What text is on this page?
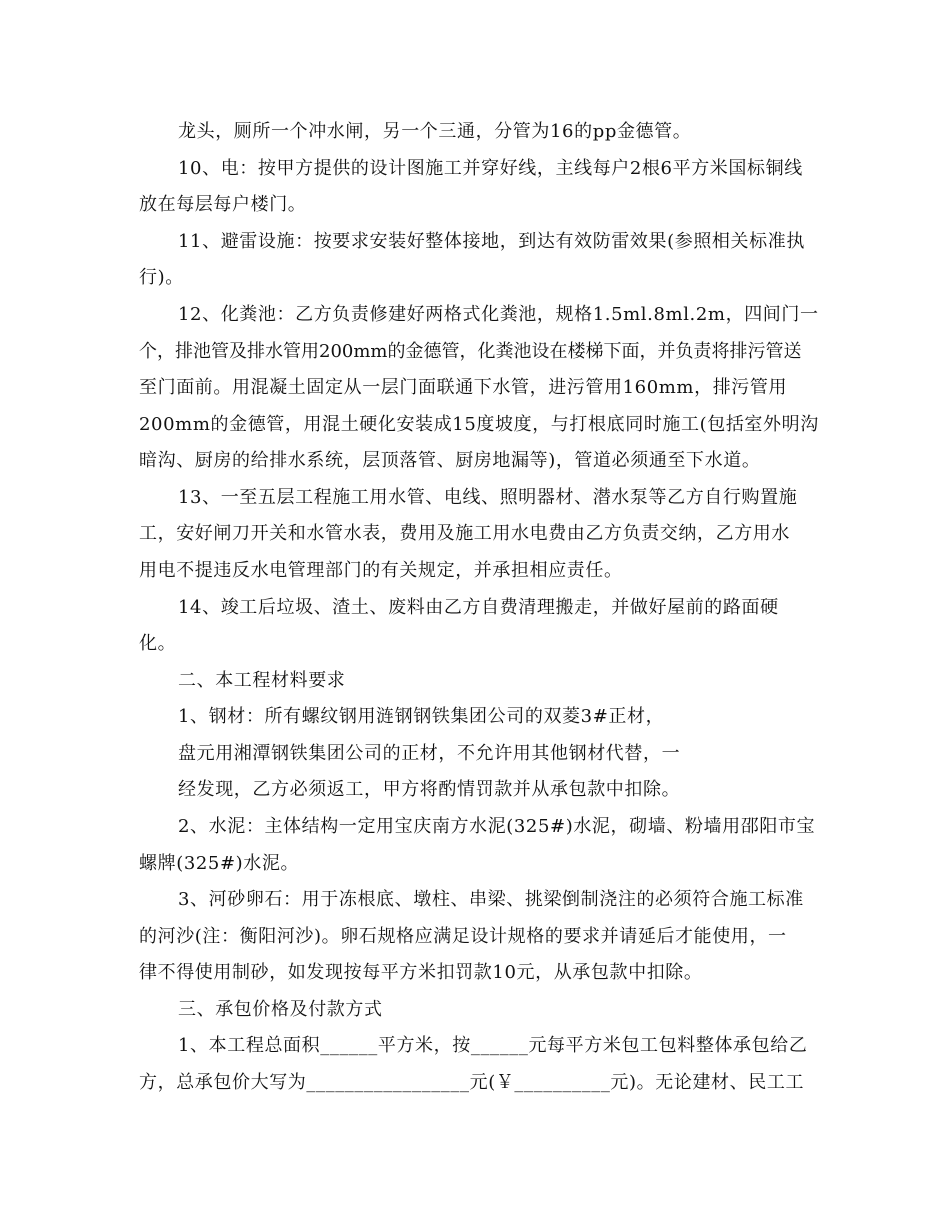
龙头，厕所一个冲水闸，另一个三通，分管为16的pp金德管。
10、电：按甲方提供的设计图施工并穿好线，主线每户2根6平方米国标铜线
放在每层每户楼门。
11、避雷设施：按要求安装好整体接地，到达有效防雷效果(参照相关标准执
行)。
12、化粪池：乙方负责修建好两格式化粪池，规格1.5ml.8ml.2m，四间门一
个，排池管及排水管用200mm的金德管，化粪池设在楼梯下面，并负责将排污管送
至门面前。用混凝土固定从一层门面联通下水管，进污管用160mm，排污管用
200mm的金德管，用混土硬化安装成15度坡度，与打根底同时施工(包括室外明沟
暗沟、厨房的给排水系统，层顶落管、厨房地漏等)，管道必须通至下水道。
13、一至五层工程施工用水管、电线、照明器材、潜水泵等乙方自行购置施
工，安好闸刀开关和水管水表，费用及施工用水电费由乙方负责交纳，乙方用水
用电不提违反水电管理部门的有关规定，并承担相应责任。
14、竣工后垃圾、渣土、废料由乙方自费清理搬走，并做好屋前的路面硬
化。
二、本工程材料要求
1、钢材：所有螺纹钢用涟钢钢铁集团公司的双菱3#正材，
盘元用湘潭钢铁集团公司的正材，不允许用其他钢材代替，一
经发现，乙方必须返工，甲方将酌情罚款并从承包款中扣除。
2、水泥：主体结构一定用宝庆南方水泥(325#)水泥，砌墙、粉墙用邵阳市宝
螺牌(325#)水泥。
3、河砂卵石：用于冻根底、墩柱、串梁、挑梁倒制浇注的必须符合施工标准
的河沙(注：衡阳河沙)。卵石规格应满足设计规格的要求并请延后才能使用，一
律不得使用制砂，如发现按每平方米扣罚款10元，从承包款中扣除。
三、承包价格及付款方式
1、本工程总面积______平方米，按______元每平方米包工包料整体承包给乙
方，总承包价大写为_________________元(￥__________元)。无论建材、民工工
